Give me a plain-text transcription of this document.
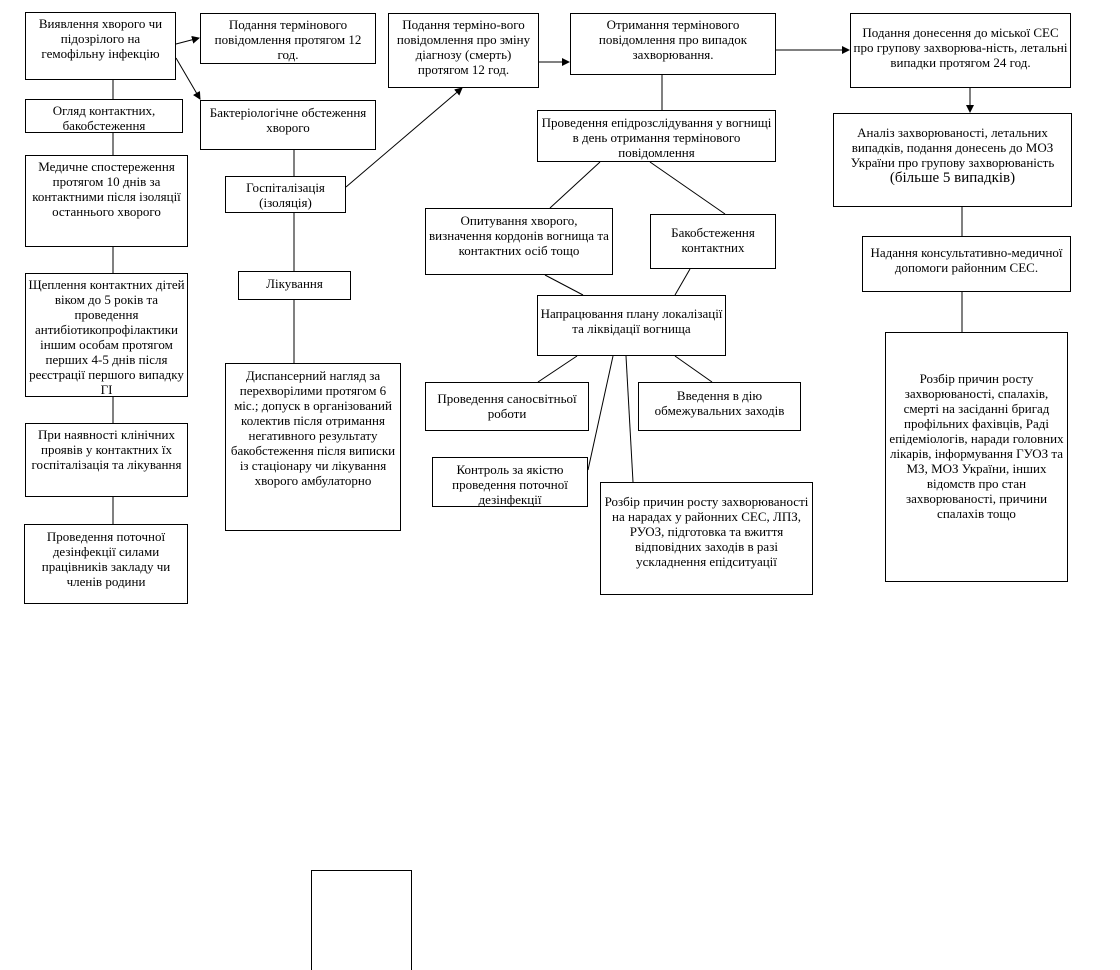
Виявлення хворого чи підозрілого на гемофільну інфекцію
Огляд контактних, бакобстеження
Медичне спостереження протягом 10 днів за контактними після ізоляції останнього хворого
Щеплення контактних дітей віком до 5 років та проведення антибіотикопрофілактики іншим особам протягом перших 4-5 днів після реєстрації першого випадку ГІ
При наявності клінічних проявів у контактних їх госпіталізація та лікування
Проведення поточної дезінфекції силами працівників закладу чи членів родини
Подання термінового повідомлення протягом 12 год.
Бактеріологічне обстеження хворого
Госпіталізація (ізоляція)
Лікування
Диспансерний нагляд за перехворілими протягом 6 міс.; допуск в організований колектив після отримання негативного результату бакобстеження після виписки із стаціонару чи лікування хворого амбулаторно
Подання терміно-вого повідомлення про зміну діагнозу (смерть) протягом 12 год.
Отримання термінового повідомлення про випадок захворювання.
Проведення епідрозслідування у вогнищі в день отримання термінового повідомлення
Опитування хворого, визначення кордонів вогнища та контактних осіб тощо
Бакобстеження контактних
Напрацювання плану локалізації та ліквідації вогнища
Проведення саносвітньої роботи
Введення в дію обмежувальних заходів
Контроль за якістю проведення поточної дезінфекції	Розбір причин росту захворюваності на нарадах у районних СЕС, ЛПЗ, РУОЗ, підготовка та вжиття відповідних заходів в разі ускладнення епідситуації
Подання донесення до міської СЕС про групову захворюва-ність, летальні випадки протягом 24 год.
Аналіз захворюваності, летальних випадків, подання донесень до МОЗ України про групову захворюваність
(більше 5 випадків)
Надання консультативно-медичної допомоги районним СЕС.
Розбір причин росту захворюваності, спалахів, смерті на засіданні бригад профільних фахівців, Раді епідеміологів, наради головних лікарів, інформування ГУОЗ та МЗ, МОЗ України, інших відомств про стан захворюваності, причини спалахів тощо
